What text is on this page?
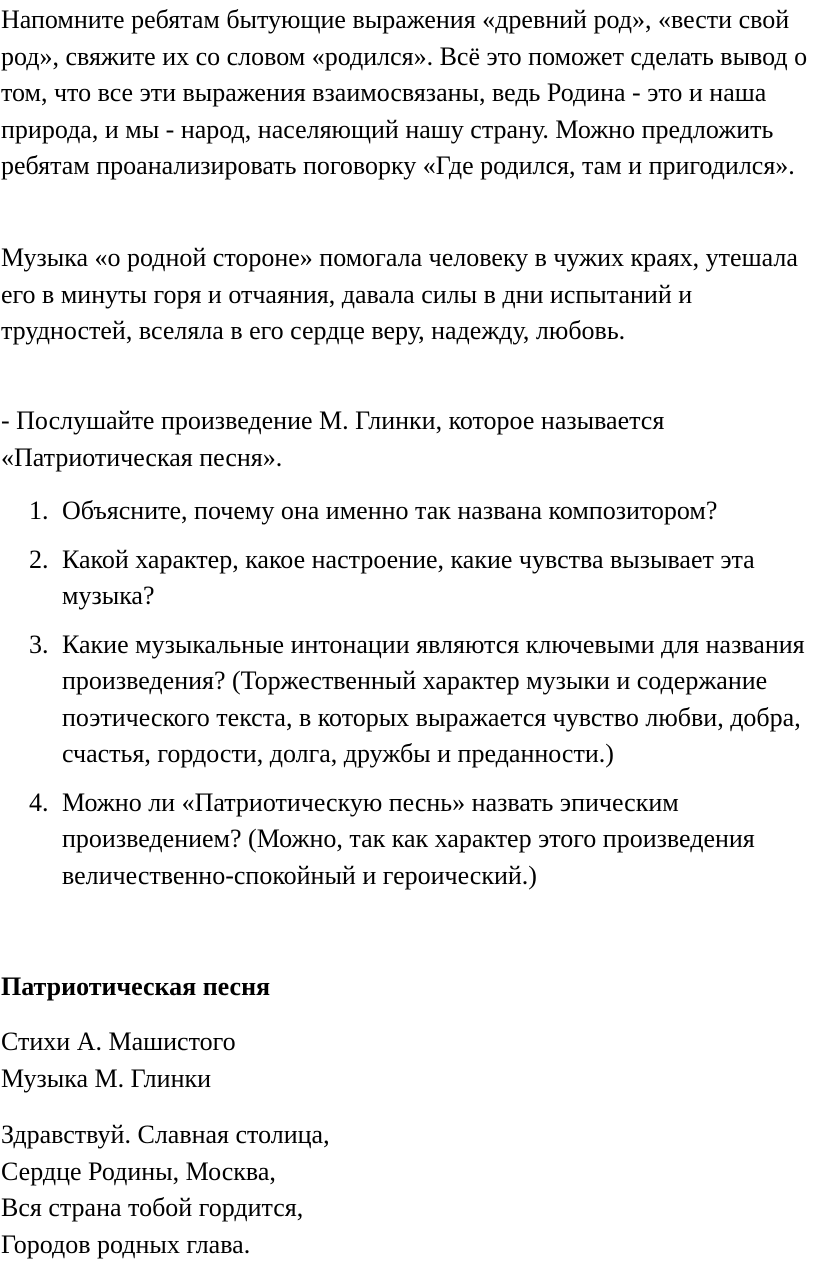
Напомните ребятам бытующие выражения «древний род», «вести свой род», свяжите их со словом «родился». Всё это поможет сделать вывод о том, что все эти выражения взаимосвязаны, ведь Родина - это и наша природа, и мы - народ, населяющий нашу страну. Можно предложить ребятам проанализировать поговорку «Где родился, там и пригодился».

Музыка «о родной стороне» помогала человеку в чужих краях, утешала его в минуты горя и отчаяния, давала силы в дни испытаний и трудностей, вселяла в его сердце веру, надежду, любовь.

- Послушайте произведение М. Глинки, которое называется «Патриотическая песня».

1. Объясните, почему она именно так названа композитором?
2. Какой характер, какое настроение, какие чувства вызывает эта музыка?
3. Какие музыкальные интонации являются ключевыми для названия произведения? (Торжественный характер музыки и содержание поэтического текста, в которых выражается чувство любви, добра, счастья, гордости, долга, дружбы и преданности.)
4. Можно ли «Патриотическую песнь» назвать эпическим произведением? (Можно, так как характер этого произведения величественно-спокойный и героический.)
Патриотическая песня
Стихи А. Машистого
Музыка М. Глинки
Здравствуй. Славная столица,
Сердце Родины, Москва,
Вся страна тобой гордится,
Городов родных глава.
